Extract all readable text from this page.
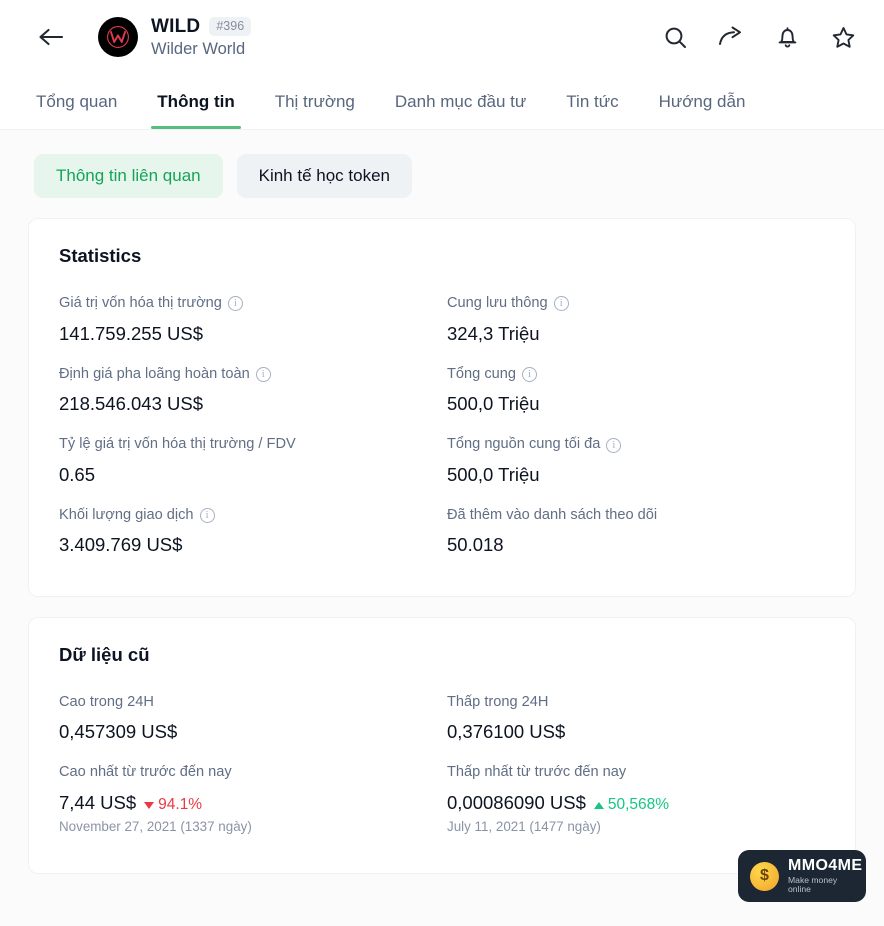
WILD	#396
Wilder World
Tổng quan Thông tin Thị trường Danh mục đầu tư Tin tức Hướng dẫn
Thông tin liên quan	Kinh tế học token
Statistics
Giá trị vốn hóa thị trường	i
141.759.255 US$
Cung lưu thông	i
324,3 Triệu
Định giá pha loãng hoàn toàn	i
218.546.043 US$
Tổng cung	i
500,0 Triệu
Tỷ lệ giá trị vốn hóa thị trường / FDV
0.65
Tổng nguồn cung tối đa	i
500,0 Triệu
Khối lượng giao dịch	i
3.409.769 US$
Đã thêm vào danh sách theo dõi
50.018
Dữ liệu cũ
Cao trong 24H
0,457309 US$
Thấp trong 24H
0,376100 US$
Cao nhất từ trước đến nay
7,44 US$ 94.1%
November 27, 2021 (1337 ngày)
Thấp nhất từ trước đến nay
0,00086090 US$ 50,568%
July 11, 2021 (1477 ngày)
$
MMO4ME
Make money online
